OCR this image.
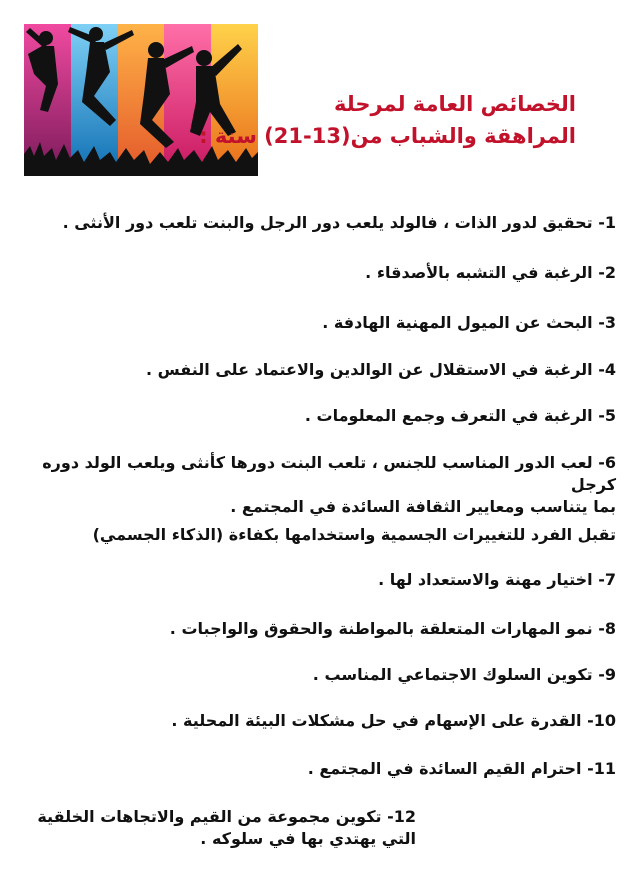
الخصائص العامة لمرحلة
المراهقة والشباب من(13-21) سنة :
1- تحقيق لدور الذات ، فالولد يلعب دور الرجل والبنت تلعب دور الأنثى .
2- الرغبة في التشبه بالأصدقاء .
3- البحث عن الميول المهنية الهادفة .
4- الرغبة في الاستقلال عن الوالدين والاعتماد على النفس .
5- الرغبة في التعرف وجمع المعلومات .
6- لعب الدور المناسب للجنس ، تلعب البنت دورها كأنثى ويلعب الولد دوره كرجل
بما يتناسب ومعايير الثقافة السائدة في المجتمع .
تقبل الفرد للتغييرات الجسمية واستخدامها بكفاءة (الذكاء الجسمي)
7- اختيار مهنة والاستعداد لها .
8- نمو المهارات المتعلقة بالمواطنة والحقوق والواجبات .
9- تكوين السلوك الاجتماعي المناسب .
10- القدرة على الإسهام في حل مشكلات البيئة المحلية .
11- احترام القيم السائدة في المجتمع .
12- تكوين مجموعة من القيم والاتجاهات الخلقية
التي يهتدي بها في سلوكه .
